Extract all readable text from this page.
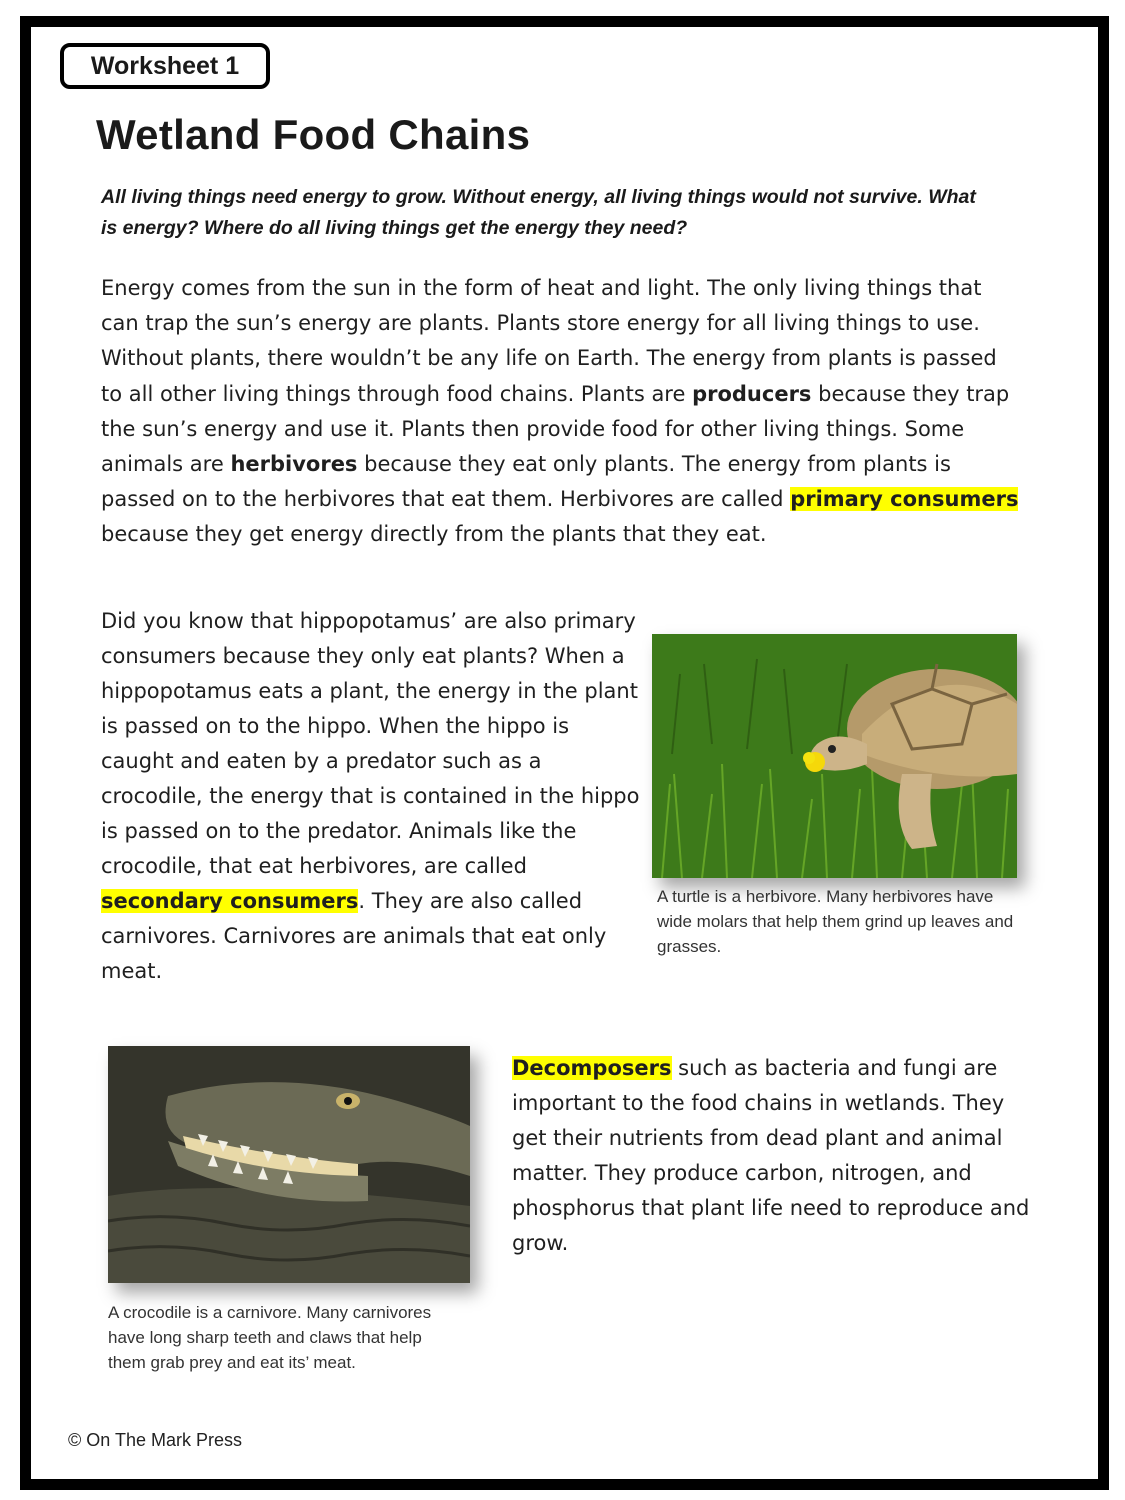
Worksheet 1
Wetland Food Chains

All living things need energy to grow. Without energy, all living things would not survive. What is energy? Where do all living things get the energy they need?

Energy comes from the sun in the form of heat and light. The only living things that can trap the sun’s energy are plants. Plants store energy for all living things to use. Without plants, there wouldn’t be any life on Earth. The energy from plants is passed to all other living things through food chains. Plants are producers because they trap the sun’s energy and use it. Plants then provide food for other living things. Some animals are herbivores because they eat only plants. The energy from plants is passed on to the herbivores that eat them. Herbivores are called primary consumers because they get energy directly from the plants that they eat.

Did you know that hippopotamus’ are also primary consumers because they only eat plants? When a hippopotamus eats a plant, the energy in the plant is passed on to the hippo. When the hippo is caught and eaten by a predator such as a crocodile, the energy that is contained in the hippo is passed on to the predator. Animals like the crocodile, that eat herbivores, are called secondary consumers. They are also called carnivores. Carnivores are animals that eat only meat.

A turtle is a herbivore. Many herbivores have wide molars that help them grind up leaves and grasses.

A crocodile is a carnivore. Many carnivores have long sharp teeth and claws that help them grab prey and eat its’ meat.

Decomposers such as bacteria and fungi are important to the food chains in wetlands. They get their nutrients from dead plant and animal matter. They produce carbon, nitrogen, and phosphorus that plant life need to reproduce and grow.

© On The Mark Press
